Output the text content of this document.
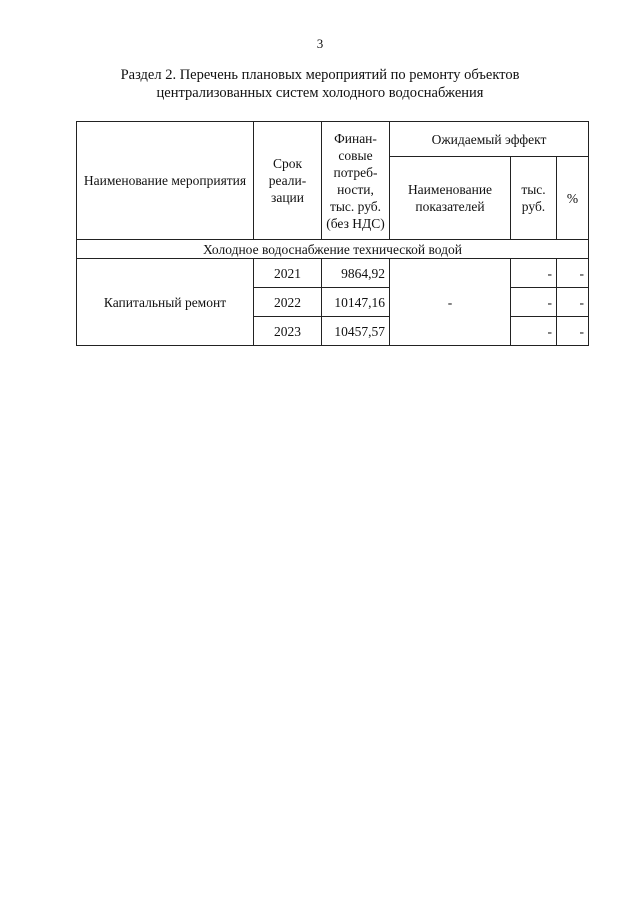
3
Раздел 2. Перечень плановых мероприятий по ремонту объектов
централизованных систем холодного водоснабжения
Наименование мероприятия	Срок реали-зации	Финан-совые потреб-ности, тыс. руб. (без НДС)	Ожидаемый эффект		
			Наименование показателей	тыс. руб.	%
Холодное водоснабжение технической водой					
Капитальный ремонт	2021	9864,92	-	-	-
	2022	10147,16		-	-
	2023	10457,57		-	-
